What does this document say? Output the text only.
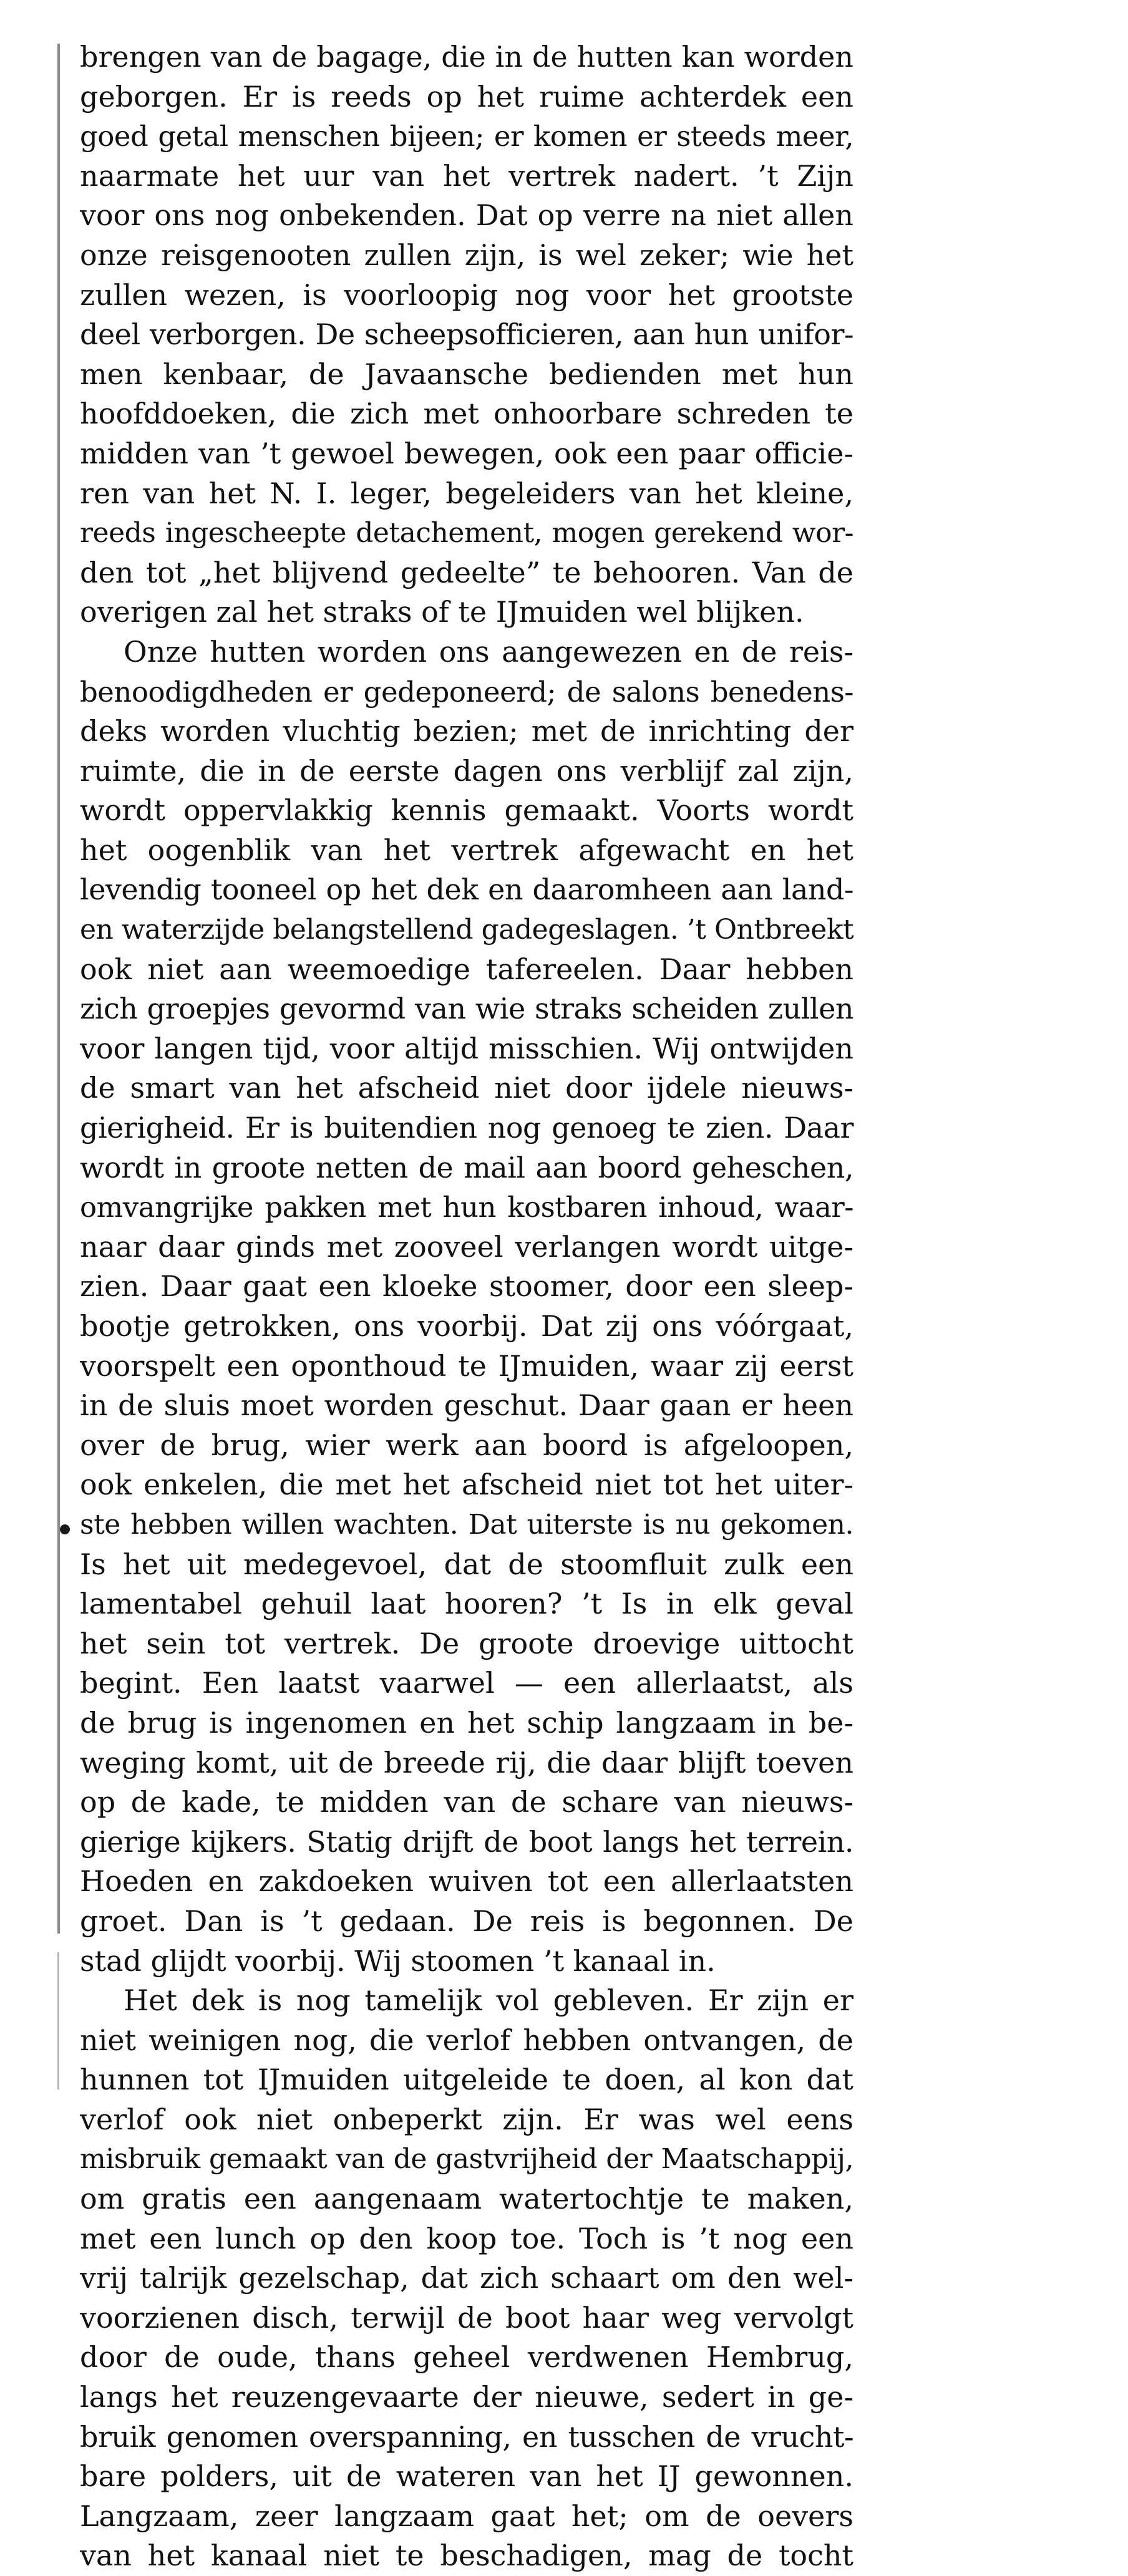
brengen van de bagage, die in de hutten kan worden
geborgen. Er is reeds op het ruime achterdek een
goed getal menschen bijeen; er komen er steeds meer,
naarmate het uur van het vertrek nadert. ’t Zijn
voor ons nog onbekenden. Dat op verre na niet allen
onze reisgenooten zullen zijn, is wel zeker; wie het
zullen wezen, is voorloopig nog voor het grootste
deel verborgen. De scheepsofficieren, aan hun unifor-
men kenbaar, de Javaansche bedienden met hun
hoofddoeken, die zich met onhoorbare schreden te
midden van ’t gewoel bewegen, ook een paar officie-
ren van het N. I. leger, begeleiders van het kleine,
reeds ingescheepte detachement, mogen gerekend wor-
den tot „het blijvend gedeelte” te behooren. Van de
overigen zal het straks of te IJmuiden wel blijken.
Onze hutten worden ons aangewezen en de reis-
benoodigdheden er gedeponeerd; de salons benedens-
deks worden vluchtig bezien; met de inrichting der
ruimte, die in de eerste dagen ons verblijf zal zijn,
wordt oppervlakkig kennis gemaakt. Voorts wordt
het oogenblik van het vertrek afgewacht en het
levendig tooneel op het dek en daaromheen aan land-
en waterzijde belangstellend gadegeslagen. ’t Ontbreekt
ook niet aan weemoedige tafereelen. Daar hebben
zich groepjes gevormd van wie straks scheiden zullen
voor langen tijd, voor altijd misschien. Wij ontwijden
de smart van het afscheid niet door ijdele nieuws-
gierigheid. Er is buitendien nog genoeg te zien. Daar
wordt in groote netten de mail aan boord geheschen,
omvangrijke pakken met hun kostbaren inhoud, waar-
naar daar ginds met zooveel verlangen wordt uitge-
zien. Daar gaat een kloeke stoomer, door een sleep-
bootje getrokken, ons voorbij. Dat zij ons vóórgaat,
voorspelt een oponthoud te IJmuiden, waar zij eerst
in de sluis moet worden geschut. Daar gaan er heen
over de brug, wier werk aan boord is afgeloopen,
ook enkelen, die met het afscheid niet tot het uiter-
ste hebben willen wachten. Dat uiterste is nu gekomen.
Is het uit medegevoel, dat de stoomfluit zulk een
lamentabel gehuil laat hooren? ’t Is in elk geval
het sein tot vertrek. De groote droevige uittocht
begint. Een laatst vaarwel — een allerlaatst, als
de brug is ingenomen en het schip langzaam in be-
weging komt, uit de breede rij, die daar blijft toeven
op de kade, te midden van de schare van nieuws-
gierige kijkers. Statig drijft de boot langs het terrein.
Hoeden en zakdoeken wuiven tot een allerlaatsten
groet. Dan is ’t gedaan. De reis is begonnen. De
stad glijdt voorbij. Wij stoomen ’t kanaal in.
Het dek is nog tamelijk vol gebleven. Er zijn er
niet weinigen nog, die verlof hebben ontvangen, de
hunnen tot IJmuiden uitgeleide te doen, al kon dat
verlof ook niet onbeperkt zijn. Er was wel eens
misbruik gemaakt van de gastvrijheid der Maatschappij,
om gratis een aangenaam watertochtje te maken,
met een lunch op den koop toe. Toch is ’t nog een
vrij talrijk gezelschap, dat zich schaart om den wel-
voorzienen disch, terwijl de boot haar weg vervolgt
door de oude, thans geheel verdwenen Hembrug,
langs het reuzengevaarte der nieuwe, sedert in ge-
bruik genomen overspanning, en tusschen de vrucht-
bare polders, uit de wateren van het IJ gewonnen.
Langzaam, zeer langzaam gaat het; om de oevers
van het kanaal niet te beschadigen, mag de tocht
